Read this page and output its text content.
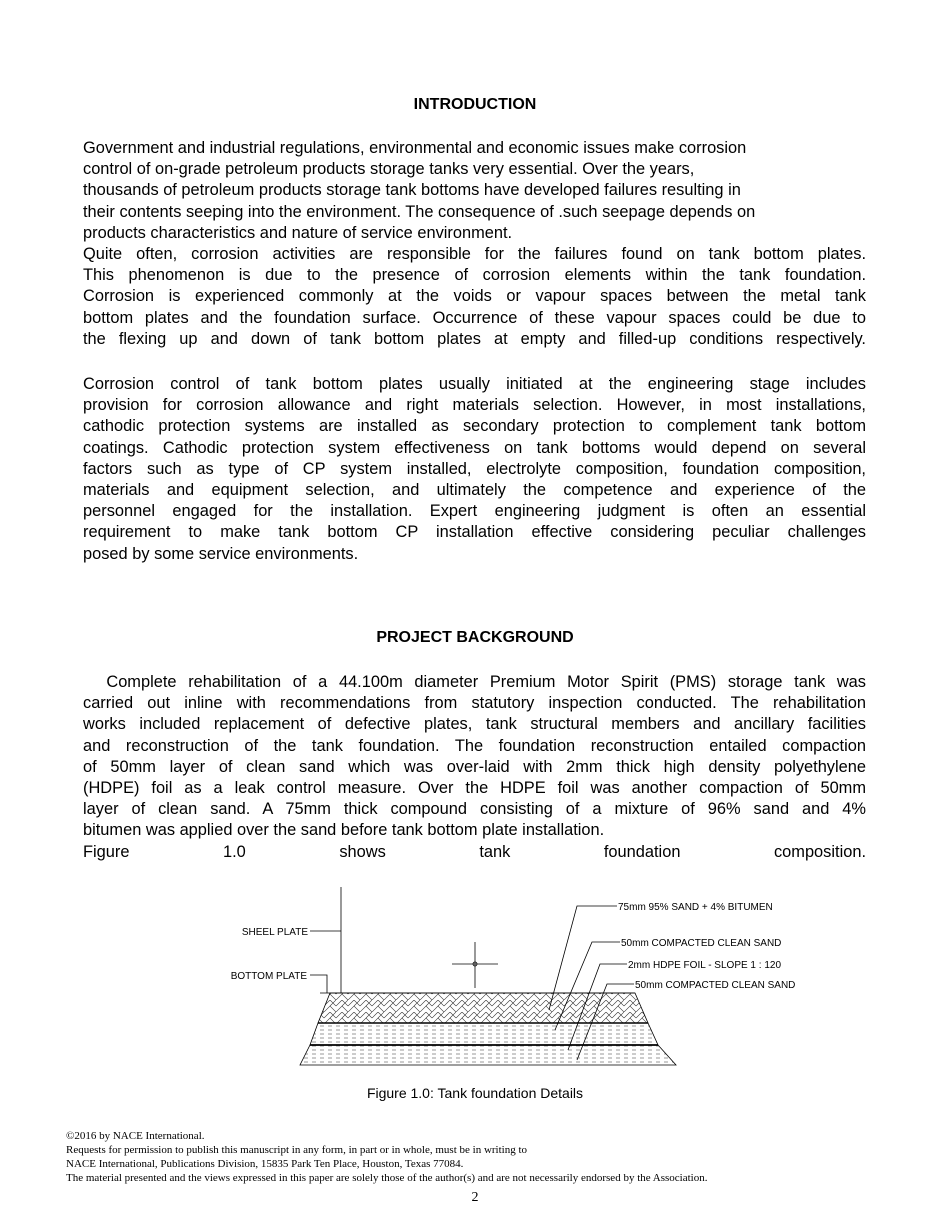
INTRODUCTION
Government and industrial regulations, environmental and economic issues make corrosion
control of on-grade petroleum products storage tanks very essential. Over the years,
thousands of petroleum products storage tank bottoms have developed failures resulting in
their contents seeping into the environment. The consequence of .such seepage depends on
products characteristics and nature of service environment.
Quite often, corrosion activities are responsible for the failures found on tank bottom plates.
This phenomenon is due to the presence of corrosion elements within the tank foundation.
Corrosion is experienced commonly at the voids or vapour spaces between the metal tank
bottom plates and the foundation surface. Occurrence of these vapour spaces could be due to
the flexing up and down of tank bottom plates at empty and filled-up conditions respectively.
Corrosion control of tank bottom plates usually initiated at the engineering stage includes
provision for corrosion allowance and right materials selection. However, in most installations,
cathodic protection systems are installed as secondary protection to complement tank bottom
coatings. Cathodic protection system effectiveness on tank bottoms would depend on several
factors such as type of CP system installed, electrolyte composition, foundation composition,
materials and equipment selection, and ultimately the competence and experience of the
personnel engaged for the installation. Expert engineering judgment is often an essential
requirement to make tank bottom CP installation effective considering peculiar challenges
posed by some service environments.
PROJECT BACKGROUND
Complete rehabilitation of a 44.100m diameter Premium Motor Spirit (PMS) storage tank was
carried out inline with recommendations from statutory inspection conducted. The rehabilitation
works included replacement of defective plates, tank structural members and ancillary facilities
and reconstruction of the tank foundation. The foundation reconstruction entailed compaction
of 50mm layer of clean sand which was over-laid with 2mm thick high density polyethylene
(HDPE) foil as a leak control measure. Over the HDPE foil was another compaction of 50mm
layer of clean sand. A 75mm thick compound consisting of a mixture of 96% sand and 4%
bitumen was applied over the sand before tank bottom plate installation.
Figure 1.0 shows tank foundation composition.
SHEEL PLATE
BOTTOM PLATE
75mm 95% SAND + 4% BITUMEN
50mm COMPACTED CLEAN SAND
2mm HDPE FOIL - SLOPE 1 : 120
50mm COMPACTED CLEAN SAND
Figure 1.0: Tank foundation Details
©2016 by NACE International.
Requests for permission to publish this manuscript in any form, in part or in whole, must be in writing to
NACE International, Publications Division, 15835 Park Ten Place, Houston, Texas 77084.
The material presented and the views expressed in this paper are solely those of the author(s) and are not necessarily endorsed by the Association.
2
